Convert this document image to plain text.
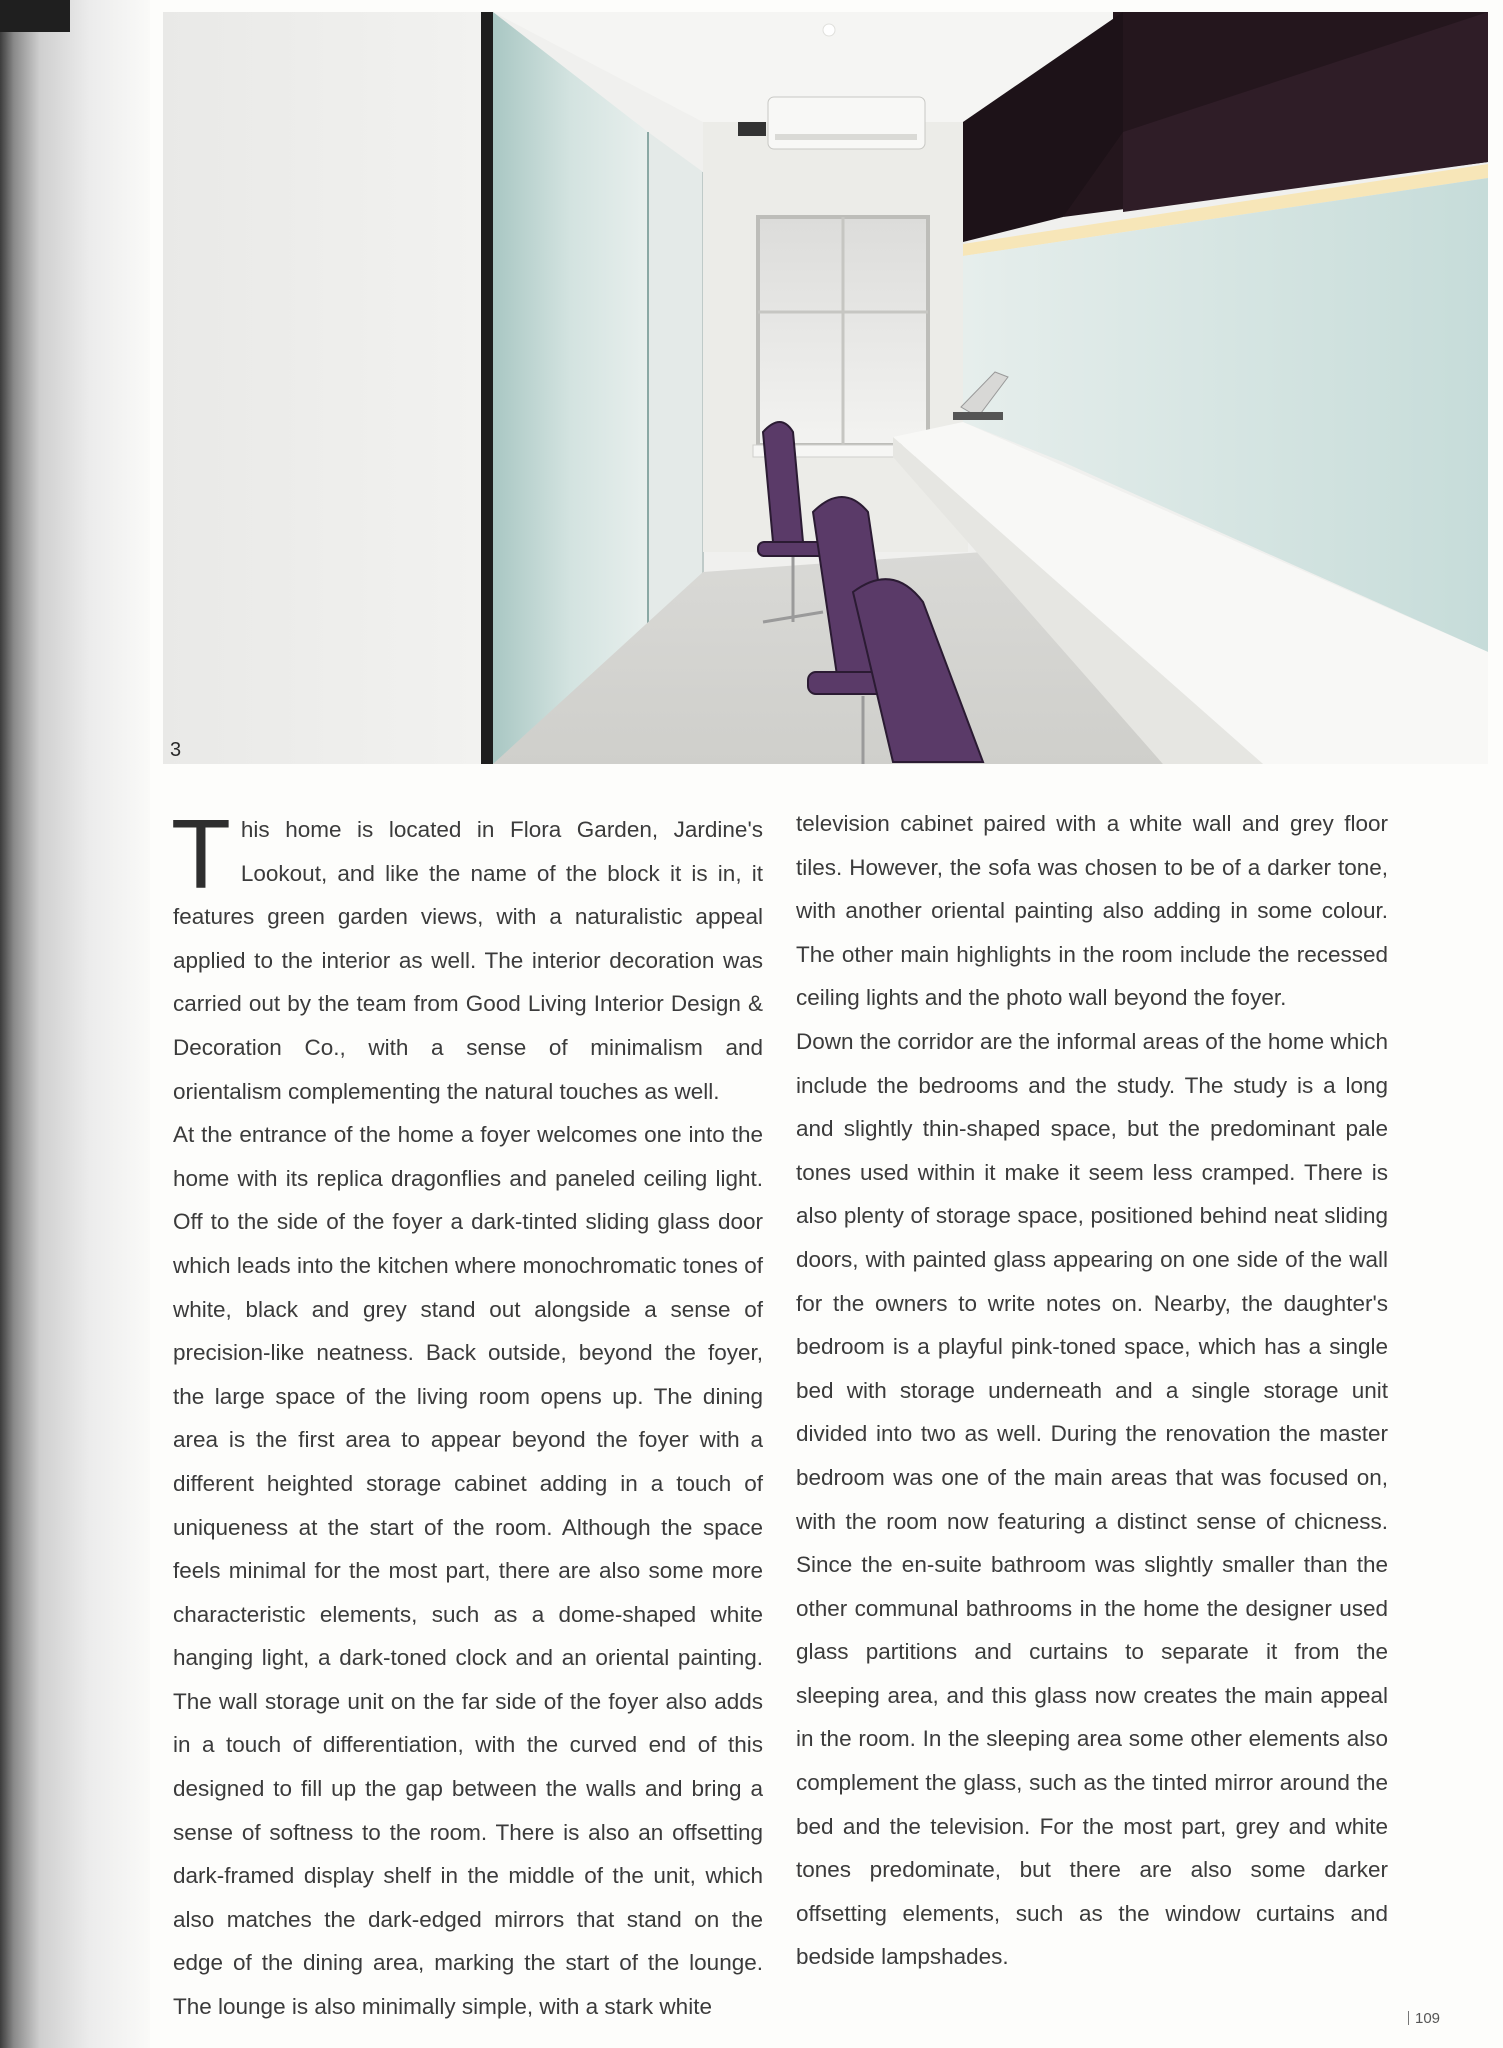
3

This home is located in Flora Garden, Jardine's Lookout, and like the name of the block it is in, it features green garden views, with a naturalistic appeal applied to the interior as well. The interior decoration was carried out by the team from Good Living Interior Design & Decoration Co., with a sense of minimalism and orientalism complementing the natural touches as well.

At the entrance of the home a foyer welcomes one into the home with its replica dragonflies and paneled ceiling light. Off to the side of the foyer a dark-tinted sliding glass door which leads into the kitchen where monochromatic tones of white, black and grey stand out alongside a sense of precision-like neatness. Back outside, beyond the foyer, the large space of the living room opens up. The dining area is the first area to appear beyond the foyer with a different heighted storage cabinet adding in a touch of uniqueness at the start of the room. Although the space feels minimal for the most part, there are also some more characteristic elements, such as a dome-shaped white hanging light, a dark-toned clock and an oriental painting. The wall storage unit on the far side of the foyer also adds in a touch of differentiation, with the curved end of this designed to fill up the gap between the walls and bring a sense of softness to the room. There is also an offsetting dark-framed display shelf in the middle of the unit, which also matches the dark-edged mirrors that stand on the edge of the dining area, marking the start of the lounge. The lounge is also minimally simple, with a stark white

television cabinet paired with a white wall and grey floor tiles. However, the sofa was chosen to be of a darker tone, with another oriental painting also adding in some colour. The other main highlights in the room include the recessed ceiling lights and the photo wall beyond the foyer.

Down the corridor are the informal areas of the home which include the bedrooms and the study. The study is a long and slightly thin-shaped space, but the predominant pale tones used within it make it seem less cramped. There is also plenty of storage space, positioned behind neat sliding doors, with painted glass appearing on one side of the wall for the owners to write notes on. Nearby, the daughter's bedroom is a playful pink-toned space, which has a single bed with storage underneath and a single storage unit divided into two as well. During the renovation the master bedroom was one of the main areas that was focused on, with the room now featuring a distinct sense of chicness. Since the en-suite bathroom was slightly smaller than the other communal bathrooms in the home the designer used glass partitions and curtains to separate it from the sleeping area, and this glass now creates the main appeal in the room. In the sleeping area some other elements also complement the glass, such as the tinted mirror around the bed and the television. For the most part, grey and white tones predominate, but there are also some darker offsetting elements, such as the window curtains and bedside lampshades.

109
